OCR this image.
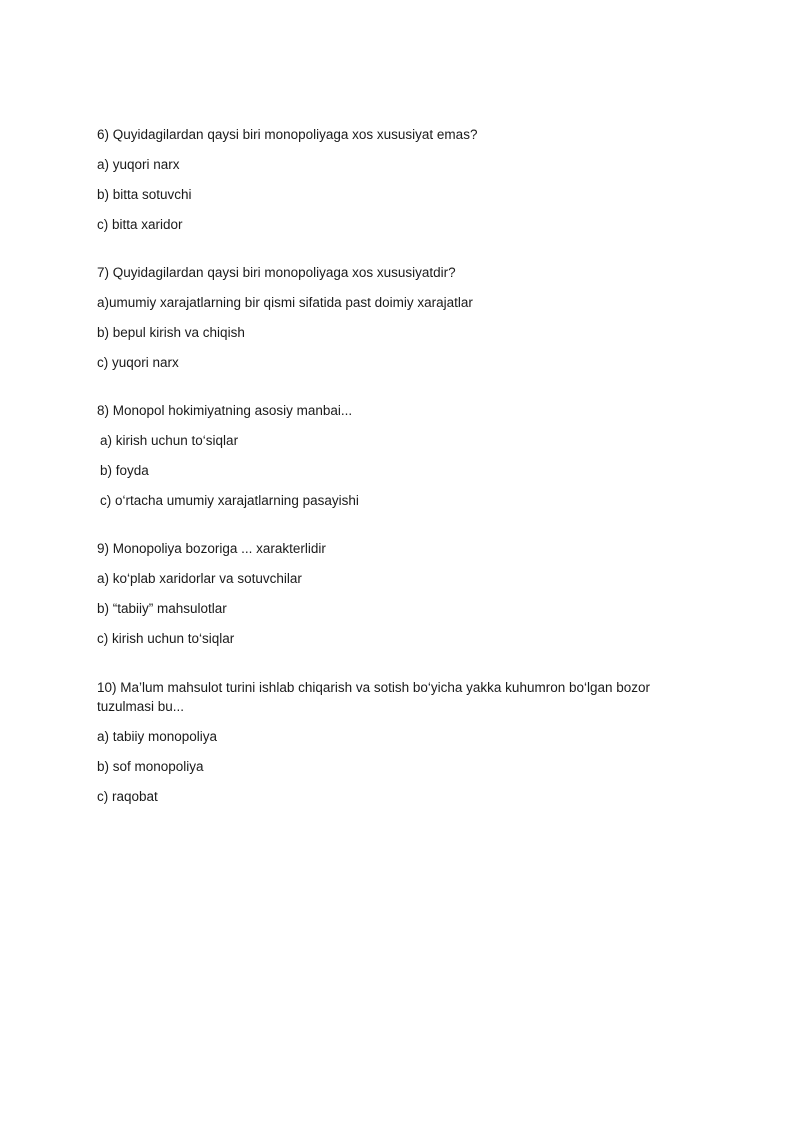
6) Quyidagilardan qaysi biri monopoliyaga xos xususiyat emas?
a) yuqori narx
b) bitta sotuvchi
c) bitta xaridor
7) Quyidagilardan qaysi biri monopoliyaga xos xususiyatdir?
a)umumiy xarajatlarning bir qismi sifatida past doimiy xarajatlar
b) bepul kirish va chiqish
c) yuqori narx
8) Monopol hokimiyatning asosiy manbai...
a) kirish uchun to‘siqlar
b) foyda
c) o‘rtacha umumiy xarajatlarning pasayishi
9) Monopoliya bozoriga ... xarakterlidir
a) ko‘plab xaridorlar va sotuvchilar
b) “tabiiy” mahsulotlar
c) kirish uchun to‘siqlar
10) Ma’lum mahsulot turini ishlab chiqarish va sotish bo‘yicha yakka kuhumron bo‘lgan bozor tuzulmasi bu...
a) tabiiy monopoliya
b) sof monopoliya
c) raqobat
